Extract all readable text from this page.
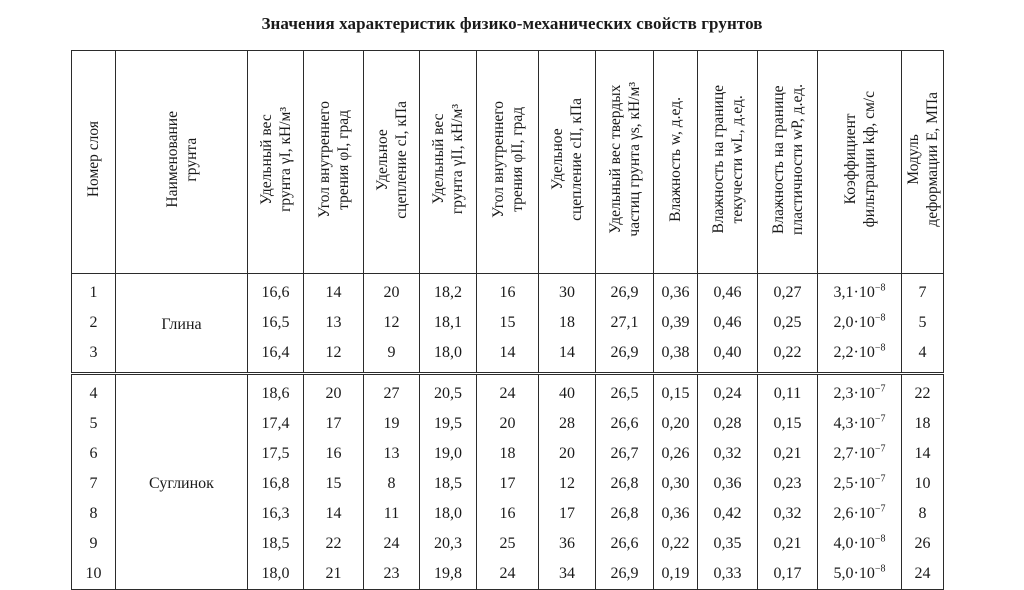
Значения характеристик физико-механических свойств грунтов
Номер слоя	Наименование грунта	Удельный вес грунта γI, кН/м³	Угол внутреннего трения φI, град	Удельное сцепление cI, кПа	Удельный вес грунта γII, кН/м³	Угол внутреннего трения φII, град	Удельное сцепление cII, кПа	Удельный вес твердых частиц грунта γs, кН/м³	Влажность w, д.ед.	Влажность на границе текучести wL, д.ед.	Влажность на границе пластичности wP, д.ед.	Коэффициент фильтрации kф, см/с	Модуль деформации E, МПа

1	Глина	16,6	14	20	18,2	16	30	26,9	0,36	0,46	0,27	$3,1\cdot 10^{-8}$	7
2		16,5	13	12	18,1	15	18	27,1	0,39	0,46	0,25	$2,0\cdot 10^{-8}$	5
3		16,4	12	9	18,0	14	14	26,9	0,38	0,40	0,22	$2,2\cdot 10^{-8}$	4
4	Суглинок	18,6	20	27	20,5	24	40	26,5	0,15	0,24	0,11	$2,3\cdot 10^{-7}$	22
5		17,4	17	19	19,5	20	28	26,6	0,20	0,28	0,15	$4,3\cdot 10^{-7}$	18
6		17,5	16	13	19,0	18	20	26,7	0,26	0,32	0,21	$2,7\cdot 10^{-7}$	14
7		16,8	15	8	18,5	17	12	26,8	0,30	0,36	0,23	$2,5\cdot 10^{-7}$	10
8		16,3	14	11	18,0	16	17	26,8	0,36	0,42	0,32	$2,6\cdot 10^{-7}$	8
9		18,5	22	24	20,3	25	36	26,6	0,22	0,35	0,21	$4,0\cdot 10^{-8}$	26
10		18,0	21	23	19,8	24	34	26,9	0,19	0,33	0,17	$5,0\cdot 10^{-8}$	24
